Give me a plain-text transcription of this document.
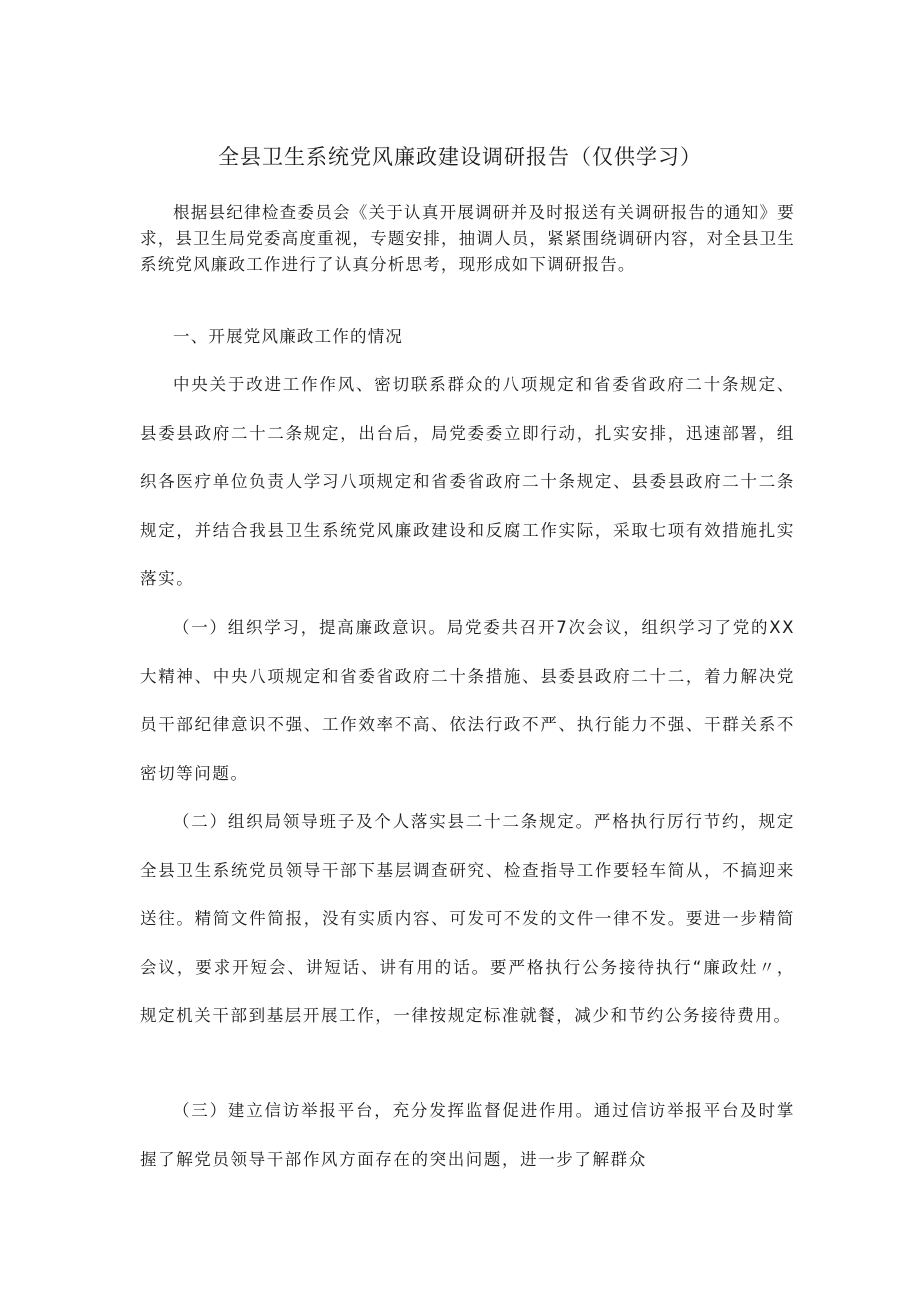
全县卫生系统党风廉政建设调研报告（仅供学习）

根据县纪律检查委员会《关于认真开展调研并及时报送有关调研报告的通知》要求，县卫生局党委高度重视，专题安排，抽调人员，紧紧围绕调研内容，对全县卫生系统党风廉政工作进行了认真分析思考，现形成如下调研报告。

一、开展党风廉政工作的情况

中央关于改进工作作风、密切联系群众的八项规定和省委省政府二十条规定、县委县政府二十二条规定，出台后，局党委委立即行动，扎实安排，迅速部署，组织各医疗单位负责人学习八项规定和省委省政府二十条规定、县委县政府二十二条规定，并结合我县卫生系统党风廉政建设和反腐工作实际，采取七项有效措施扎实落实。

（一）组织学习，提高廉政意识。局党委共召开7次会议，组织学习了党的XX大精神、中央八项规定和省委省政府二十条措施、县委县政府二十二，着力解决党员干部纪律意识不强、工作效率不高、依法行政不严、执行能力不强、干群关系不密切等问题。

（二）组织局领导班子及个人落实县二十二条规定。严格执行厉行节约，规定全县卫生系统党员领导干部下基层调查研究、检查指导工作要轻车简从，不搞迎来送往。精简文件简报，没有实质内容、可发可不发的文件一律不发。要进一步精简会议，要求开短会、讲短话、讲有用的话。要严格执行公务接待执行“廉政灶〃，规定机关干部到基层开展工作，一律按规定标准就餐，减少和节约公务接待费用。

（三）建立信访举报平台，充分发挥监督促进作用。通过信访举报平台及时掌握了解党员领导干部作风方面存在的突出问题，进一步了解群众
